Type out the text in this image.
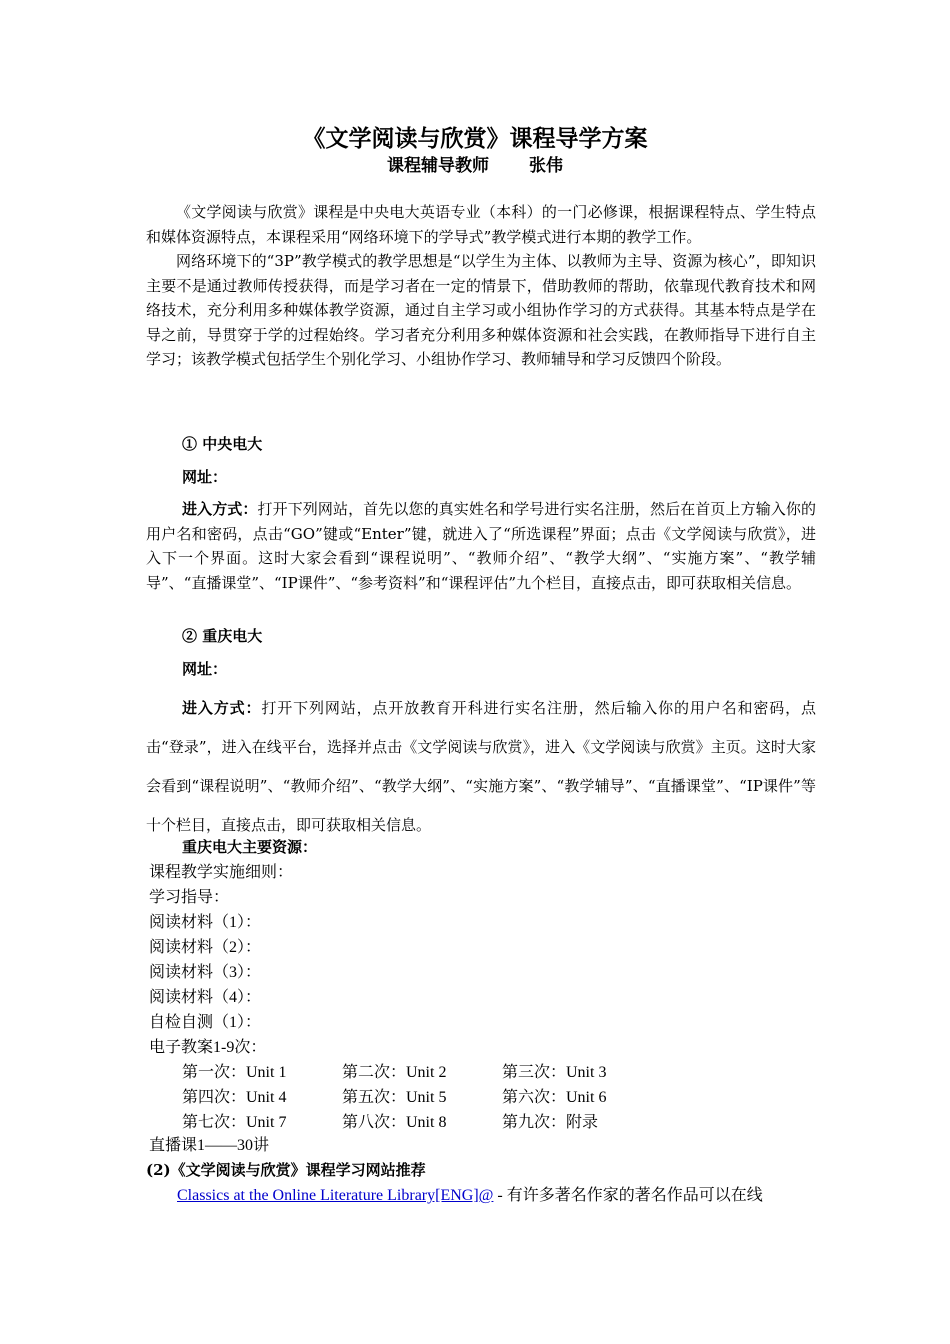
《文学阅读与欣赏》课程导学方案
课程辅导教师 张伟
《文学阅读与欣赏》课程是中央电大英语专业（本科）的一门必修课，根据课程特点、学生特点和媒体资源特点，本课程采用“网络环境下的学导式”教学模式进行本期的教学工作。
网络环境下的“3P”教学模式的教学思想是“以学生为主体、以教师为主导、资源为核心”，即知识主要不是通过教师传授获得，而是学习者在一定的情景下，借助教师的帮助，依靠现代教育技术和网络技术，充分利用多种媒体教学资源，通过自主学习或小组协作学习的方式获得。其基本特点是学在导之前，导贯穿于学的过程始终。学习者充分利用多种媒体资源和社会实践，在教师指导下进行自主学习；该教学模式包括学生个别化学习、小组协作学习、教师辅导和学习反馈四个阶段。
① 中央电大
网址：
进入方式：打开下列网站，首先以您的真实姓名和学号进行实名注册，然后在首页上方输入你的用户名和密码，点击“GO”键或“Enter”键，就进入了“所选课程”界面；点击《文学阅读与欣赏》，进入下一个界面。这时大家会看到“课程说明”、“教师介绍”、“教学大纲”、“实施方案”、“教学辅导”、“直播课堂”、“IP课件”、“参考资料”和“课程评估”九个栏目，直接点击，即可获取相关信息。
② 重庆电大
网址：
进入方式：打开下列网站，点开放教育开科进行实名注册，然后输入你的用户名和密码，点击“登录”，进入在线平台，选择并点击《文学阅读与欣赏》，进入《文学阅读与欣赏》主页。这时大家会看到“课程说明”、“教师介绍”、“教学大纲”、“实施方案”、“教学辅导”、“直播课堂”、“IP课件”等十个栏目，直接点击，即可获取相关信息。
重庆电大主要资源：
课程教学实施细则：
学习指导：
阅读材料（1）：
阅读材料（2）：
阅读材料（3）：
阅读材料（4）：
自检自测（1）：
电子教案1-9次：
第一次：Unit 1	第二次：Unit 2	第三次：Unit 3
第四次：Unit 4	第五次：Unit 5	第六次：Unit 6
第七次：Unit 7	第八次：Unit 8	第九次：附录
直播课1——30讲
(2)《文学阅读与欣赏》课程学习网站推荐
Classics at the Online Literature Library[ENG]@ - 有许多著名作家的著名作品可以在线
